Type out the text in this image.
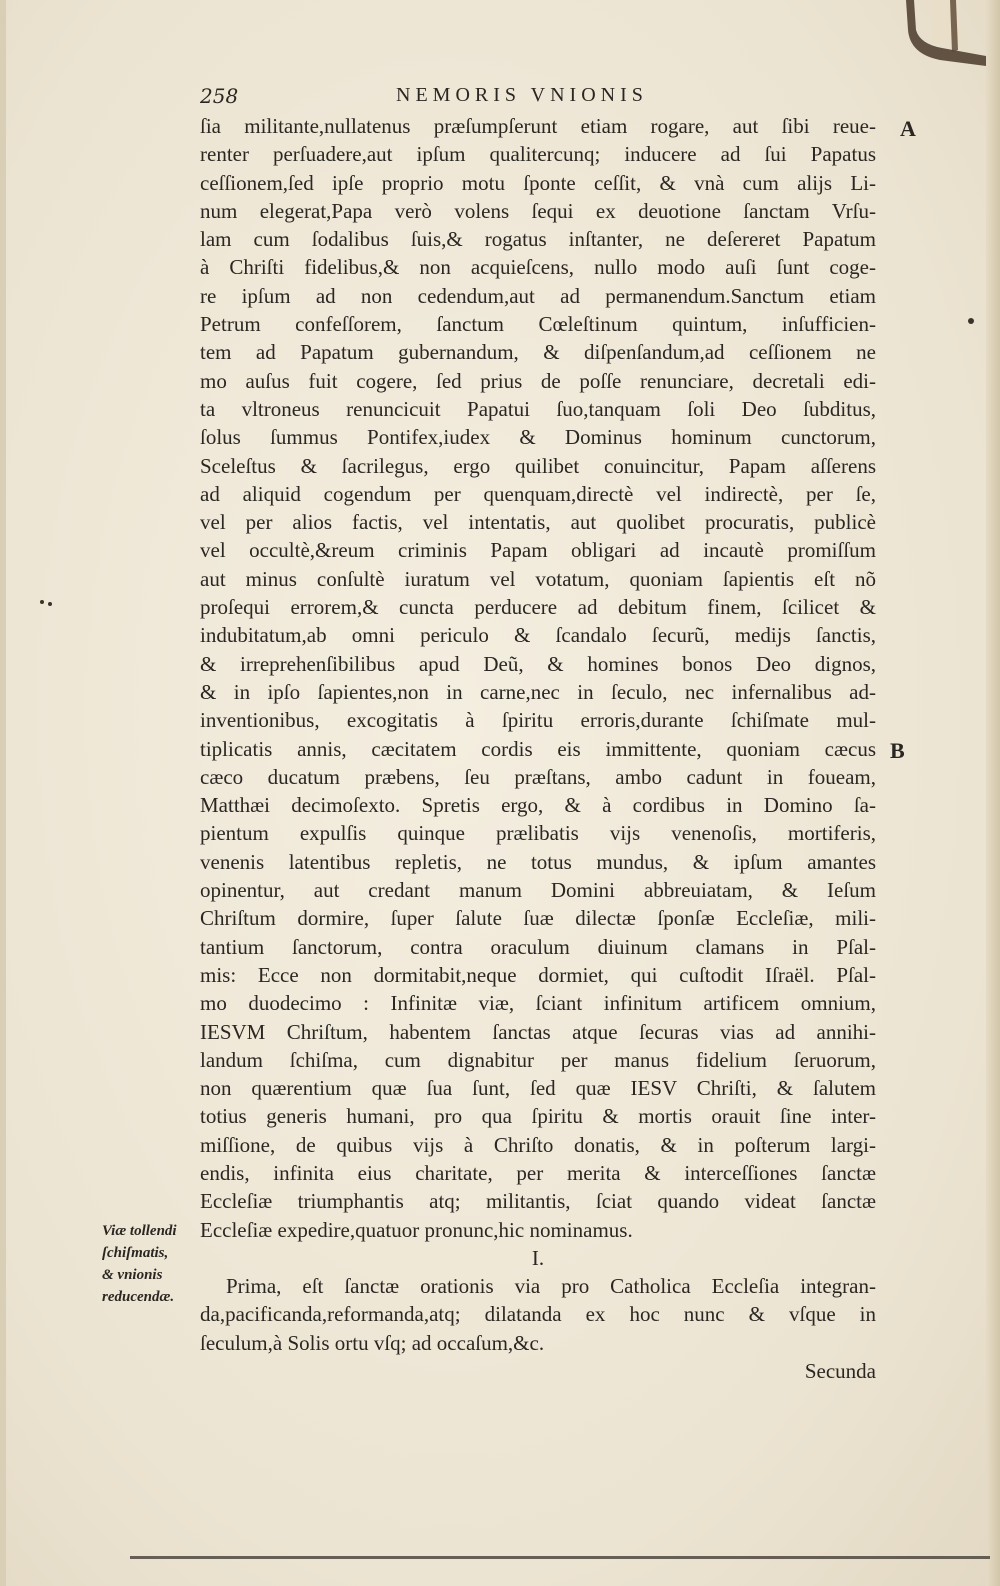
258	NEMORIS VNIONIS
A
B
Viæ tollendi
ſchiſmatis,
& vnionis
reducendæ.
ſia militante,nullatenus præſumpſerunt etiam rogare, aut ſibi reue-
renter perſuadere,aut ipſum qualitercunq; inducere ad ſui Papatus
ceſſionem,ſed ipſe proprio motu ſponte ceſſit, & vnà cum alijs Li-
num elegerat,Papa verò volens ſequi ex deuotione ſanctam Vrſu-
lam cum ſodalibus ſuis,& rogatus inſtanter, ne deſereret Papatum
à Chriſti fidelibus,& non acquieſcens, nullo modo auſi ſunt coge-
re ipſum ad non cedendum,aut ad permanendum.Sanctum etiam
Petrum confeſſorem, ſanctum Cœleſtinum quintum, inſufficien-
tem ad Papatum gubernandum, & diſpenſandum,ad ceſſionem ne
mo auſus fuit cogere, ſed prius de poſſe renunciare, decretali edi-
ta vltroneus renuncicuit Papatui ſuo,tanquam ſoli Deo ſubditus,
ſolus ſummus Pontifex,iudex & Dominus hominum cunctorum,
Sceleſtus & ſacrilegus, ergo quilibet conuincitur, Papam aſſerens
ad aliquid cogendum per quenquam,directè vel indirectè, per ſe,
vel per alios factis, vel intentatis, aut quolibet procuratis, publicè
vel occultè,&reum criminis Papam obligari ad incautè promiſſum
aut minus conſultè iuratum vel votatum, quoniam ſapientis eſt nõ
proſequi errorem,& cuncta perducere ad debitum finem, ſcilicet &
indubitatum,ab omni periculo & ſcandalo ſecurũ, medijs ſanctis,
& irreprehenſibilibus apud Deũ, & homines bonos Deo dignos,
& in ipſo ſapientes,non in carne,nec in ſeculo, nec infernalibus ad-
inventionibus, excogitatis à ſpiritu erroris,durante ſchiſmate mul-
tiplicatis annis, cæcitatem cordis eis immittente, quoniam cæcus
cæco ducatum præbens, ſeu præſtans, ambo cadunt in foueam,
Matthæi decimoſexto. Spretis ergo, & à cordibus in Domino ſa-
pientum expulſis quinque prælibatis vijs venenoſis, mortiferis,
venenis latentibus repletis, ne totus mundus, & ipſum amantes
opinentur, aut credant manum Domini abbreuiatam, & Ieſum
Chriſtum dormire, ſuper ſalute ſuæ dilectæ ſponſæ Eccleſiæ, mili-
tantium ſanctorum, contra oraculum diuinum clamans in Pſal-
mis: Ecce non dormitabit,neque dormiet, qui cuſtodit Iſraël. Pſal-
mo duodecimo : Infinitæ viæ, ſciant infinitum artificem omnium,
IESVM Chriſtum, habentem ſanctas atque ſecuras vias ad annihi-
landum ſchiſma, cum dignabitur per manus fidelium ſeruorum,
non quærentium quæ ſua ſunt, ſed quæ IESV Chriſti, & ſalutem
totius generis humani, pro qua ſpiritu & mortis orauit ſine inter-
miſſione, de quibus vijs à Chriſto donatis, & in poſterum largi-
endis, infinita eius charitate, per merita & interceſſiones ſanctæ
Eccleſiæ triumphantis atq; militantis, ſciat quando videat ſanctæ
Eccleſiæ expedire,quatuor pronunc,hic nominamus.
I.
Prima, eſt ſanctæ orationis via pro Catholica Eccleſia integran-
da,pacificanda,reformanda,atq; dilatanda ex hoc nunc & vſque in
ſeculum,à Solis ortu vſq; ad occaſum,&c.
Secunda
